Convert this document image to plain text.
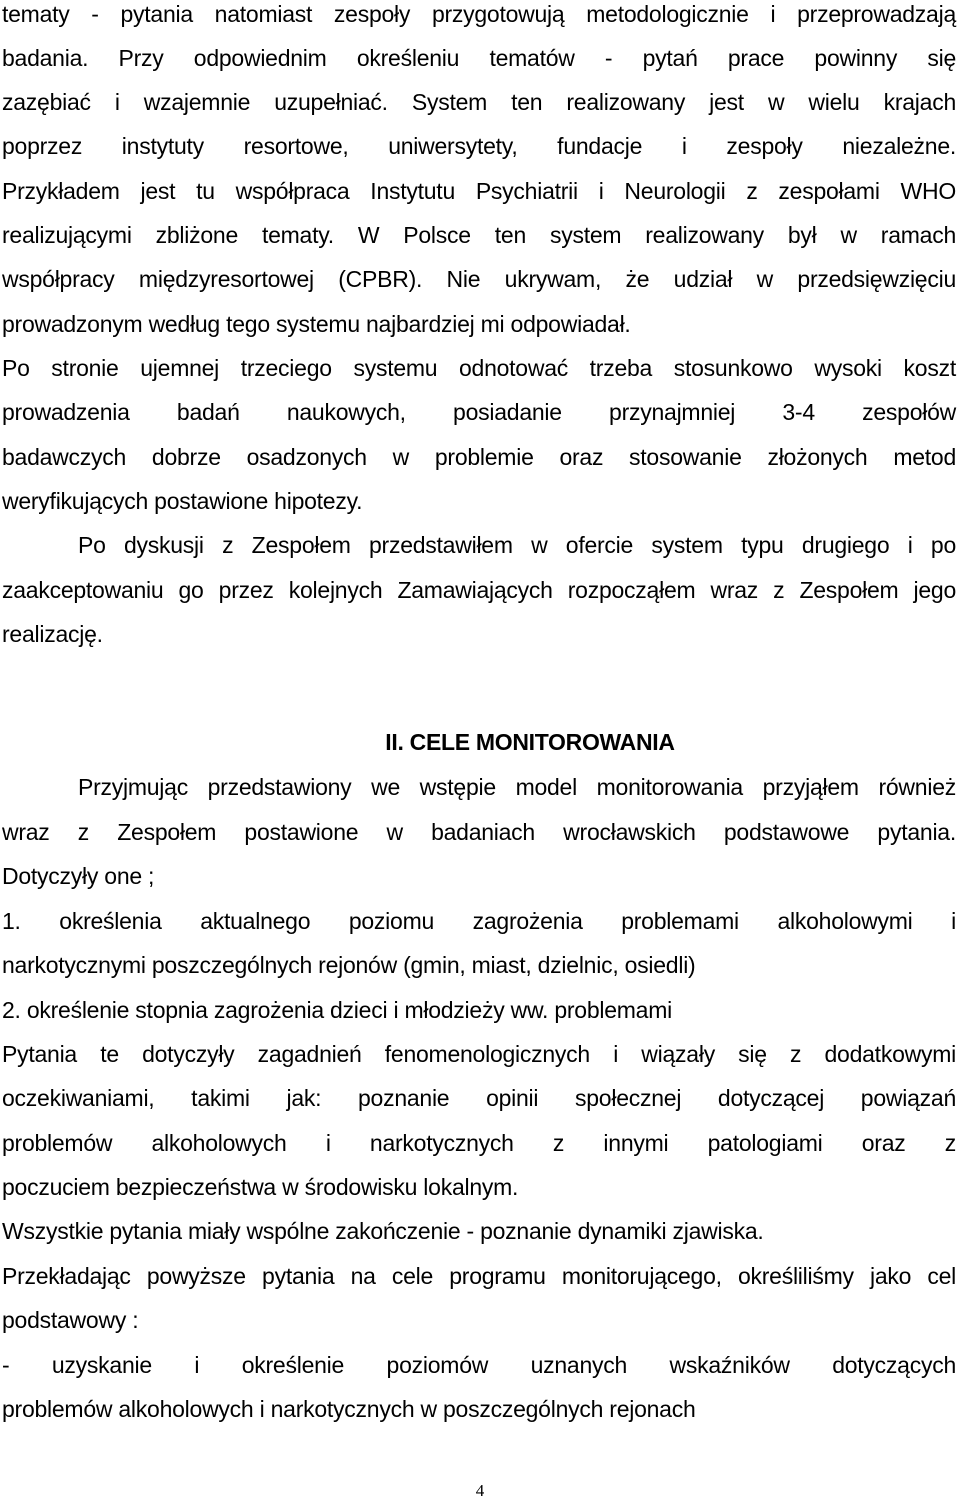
tematy - pytania natomiast zespoły przygotowują metodologicznie i przeprowadzają
badania. Przy odpowiednim określeniu tematów - pytań prace powinny się
zazębiać i wzajemnie uzupełniać. System ten realizowany jest w wielu krajach
poprzez instytuty resortowe, uniwersytety, fundacje i zespoły niezależne.
Przykładem jest tu współpraca Instytutu Psychiatrii i Neurologii z zespołami WHO
realizującymi zbliżone tematy. W Polsce ten system realizowany był w ramach
współpracy międzyresortowej (CPBR). Nie ukrywam, że udział w przedsięwzięciu
prowadzonym według tego systemu najbardziej mi odpowiadał.
Po stronie ujemnej trzeciego systemu odnotować trzeba stosunkowo wysoki koszt
prowadzenia badań naukowych, posiadanie przynajmniej 3-4 zespołów
badawczych dobrze osadzonych w problemie oraz stosowanie złożonych metod
weryfikujących postawione hipotezy.
Po dyskusji z Zespołem przedstawiłem w ofercie system typu drugiego i po
zaakceptowaniu go przez kolejnych Zamawiających rozpocząłem wraz z Zespołem jego
realizację.
II. CELE MONITOROWANIA
Przyjmując przedstawiony we wstępie model monitorowania przyjąłem również
wraz z Zespołem postawione w badaniach wrocławskich podstawowe pytania.
Dotyczyły one ;
1. określenia aktualnego poziomu zagrożenia problemami alkoholowymi i
narkotycznymi poszczególnych rejonów (gmin, miast, dzielnic, osiedli)
2. określenie stopnia zagrożenia dzieci i młodzieży ww. problemami
Pytania te dotyczyły zagadnień fenomenologicznych i wiązały się z dodatkowymi
oczekiwaniami, takimi jak: poznanie opinii społecznej dotyczącej powiązań
problemów alkoholowych i narkotycznych z innymi patologiami oraz z
poczuciem bezpieczeństwa w środowisku lokalnym.
Wszystkie pytania miały wspólne zakończenie - poznanie dynamiki zjawiska.
Przekładając powyższe pytania na cele programu monitorującego, określiliśmy jako cel
podstawowy :
- uzyskanie i określenie poziomów uznanych wskaźników dotyczących
problemów alkoholowych i narkotycznych w poszczególnych rejonach
4
